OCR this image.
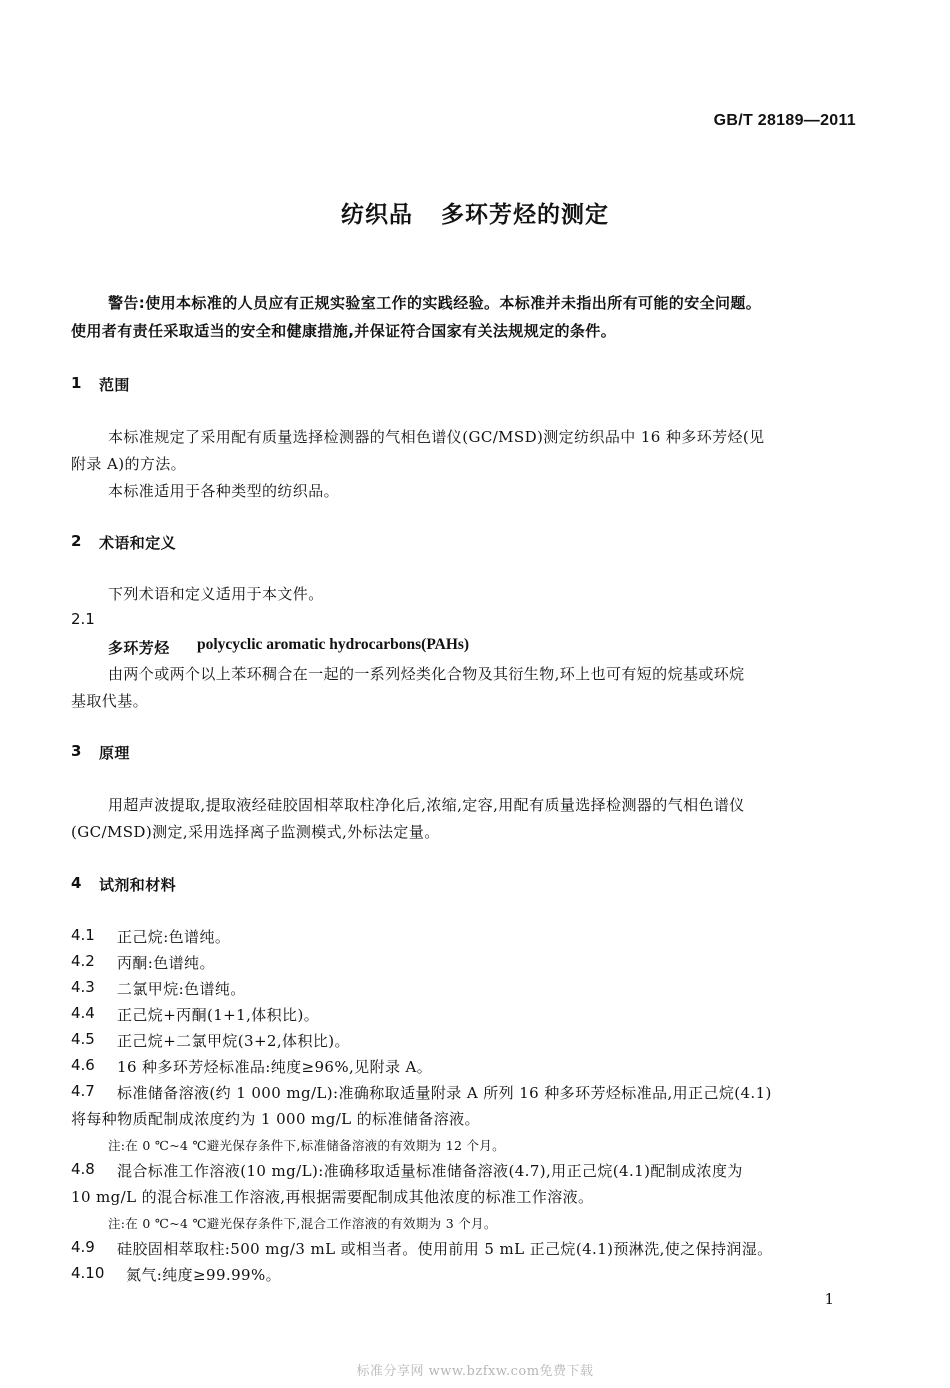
GB/T 28189—2011
纺织品 多环芳烃的测定
警告:使用本标准的人员应有正规实验室工作的实践经验。本标准并未指出所有可能的安全问题。
使用者有责任采取适当的安全和健康措施,并保证符合国家有关法规规定的条件。
1 范围
本标准规定了采用配有质量选择检测器的气相色谱仪(GC/MSD)测定纺织品中 16 种多环芳烃(见
附录 A)的方法。
本标准适用于各种类型的纺织品。
2 术语和定义
下列术语和定义适用于本文件。
2.1
多环芳烃 polycyclic aromatic hydrocarbons(PAHs)
由两个或两个以上苯环稠合在一起的一系列烃类化合物及其衍生物,环上也可有短的烷基或环烷
基取代基。
3 原理
用超声波提取,提取液经硅胶固相萃取柱净化后,浓缩,定容,用配有质量选择检测器的气相色谱仪
(GC/MSD)测定,采用选择离子监测模式,外标法定量。
4 试剂和材料
4.1 正己烷:色谱纯。
4.2 丙酮:色谱纯。
4.3 二氯甲烷:色谱纯。
4.4 正己烷+丙酮(1+1,体积比)。
4.5 正己烷+二氯甲烷(3+2,体积比)。
4.6 16 种多环芳烃标准品:纯度≥96%,见附录 A。
4.7 标准储备溶液(约 1 000 mg/L):准确称取适量附录 A 所列 16 种多环芳烃标准品,用正己烷(4.1)
将每种物质配制成浓度约为 1 000 mg/L 的标准储备溶液。
注:在 0 ℃~4 ℃避光保存条件下,标准储备溶液的有效期为 12 个月。
4.8 混合标准工作溶液(10 mg/L):准确移取适量标准储备溶液(4.7),用正己烷(4.1)配制成浓度为
10 mg/L 的混合标准工作溶液,再根据需要配制成其他浓度的标准工作溶液。
注:在 0 ℃~4 ℃避光保存条件下,混合工作溶液的有效期为 3 个月。
4.9 硅胶固相萃取柱:500 mg/3 mL 或相当者。使用前用 5 mL 正己烷(4.1)预淋洗,使之保持润湿。
4.10 氮气:纯度≥99.99%。
1
标准分享网 www.bzfxw.com免费下载
